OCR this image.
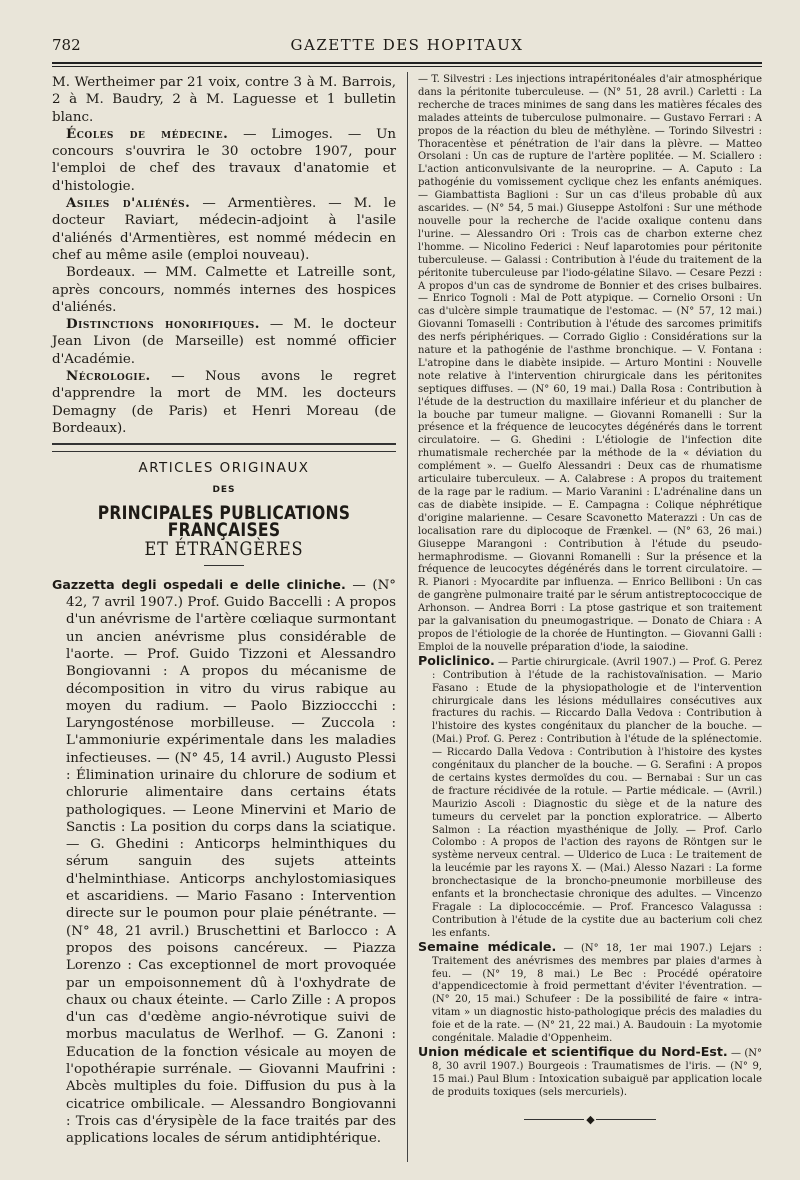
782	GAZETTE DES HOPITAUX

M. Wertheimer par 21 voix, contre 3 à M. Barrois, 2 à M. Baudry, 2 à M. Laguesse et 1 bulletin blanc.

Écoles de médecine. — Limoges. — Un concours s'ouvrira le 30 octobre 1907, pour l'emploi de chef des travaux d'anatomie et d'histologie.

Asiles d'aliénés. — Armentières. — M. le docteur Raviart, médecin-adjoint à l'asile d'aliénés d'Armentières, est nommé médecin en chef au même asile (emploi nouveau).

Bordeaux. — MM. Calmette et Latreille sont, après concours, nommés internes des hospices d'aliénés.

Distinctions honorifiques. — M. le docteur Jean Livon (de Marseille) est nommé officier d'Académie.

Nécrologie. — Nous avons le regret d'apprendre la mort de MM. les docteurs Demagny (de Paris) et Henri Moreau (de Bordeaux).

ARTICLES ORIGINAUX
DES
PRINCIPALES PUBLICATIONS FRANÇAISES
ET ÉTRANGÈRES

Gazzetta degli ospedali e delle cliniche. — (N° 42, 7 avril 1907.) Prof. Guido Baccelli : A propos d'un anévrisme de l'artère cœliaque surmontant un ancien anévrisme plus considérable de l'aorte. — Prof. Guido Tizzoni et Alessandro Bongiovanni : A propos du mécanisme de décomposition in vitro du virus rabique au moyen du radium. — Paolo Bizzioccchi : Laryngosténose morbilleuse. — Zuccola : L'ammoniurie expérimentale dans les maladies infectieuses. — (N° 45, 14 avril.) Augusto Plessi : Élimination urinaire du chlorure de sodium et chlorurie alimentaire dans certains états pathologiques. — Leone Minervini et Mario de Sanctis : La position du corps dans la sciatique. — G. Ghedini : Anticorps helminthiques du sérum sanguin des sujets atteints d'helminthiase. Anticorps anchylostomiasiques et ascaridiens. — Mario Fasano : Intervention directe sur le poumon pour plaie pénétrante. — (N° 48, 21 avril.) Bruschettini et Barlocco : A propos des poisons cancéreux. — Piazza Lorenzo : Cas exceptionnel de mort provoquée par un empoisonnement dû à l'oxhydrate de chaux ou chaux éteinte. — Carlo Zille : A propos d'un cas d'œdème angio-névrotique suivi de morbus maculatus de Werlhof. — G. Zanoni : Education de la fonction vésicale au moyen de l'opothérapie surrénale. — Giovanni Maufrini : Abcès multiples du foie. Diffusion du pus à la cicatrice ombilicale. — Alessandro Bongiovanni : Trois cas d'érysipèle de la face traités par des applications locales de sérum antidiphtérique.

— T. Silvestri : Les injections intrapéritonéales d'air atmosphérique dans la péritonite tuberculeuse. — (N° 51, 28 avril.) Carletti : La recherche de traces minimes de sang dans les matières fécales des malades atteints de tuberculose pulmonaire. — Gustavo Ferrari : A propos de la réaction du bleu de méthylène. — Torindo Silvestri : Thoracentèse et pénétration de l'air dans la plèvre. — Matteo Orsolani : Un cas de rupture de l'artère poplitée. — M. Sciallero : L'action anticonvulsivante de la neuroprine. — A. Caputo : La pathogénie du vomissement cyclique chez les enfants anémiques. — Giambattista Baglioni : Sur un cas d'ileus probable dû aux ascarides. — (N° 54, 5 mai.) Giuseppe Astolfoni : Sur une méthode nouvelle pour la recherche de l'acide oxalique contenu dans l'urine. — Alessandro Ori : Trois cas de charbon externe chez l'homme. — Nicolino Federici : Neuf laparotomies pour péritonite tuberculeuse. — Galassi : Contribution à l'éude du traitement de la péritonite tuberculeuse par l'iodo-gélatine Silavo. — Cesare Pezzi : A propos d'un cas de syndrome de Bonnier et des crises bulbaires. — Enrico Tognoli : Mal de Pott atypique. — Cornelio Orsoni : Un cas d'ulcère simple traumatique de l'estomac. — (N° 57, 12 mai.) Giovanni Tomaselli : Contribution à l'étude des sarcomes primitifs des nerfs périphériques. — Corrado Giglio : Considérations sur la nature et la pathogénie de l'asthme bronchique. — V. Fontana : L'atropine dans le diabète insipide. — Arturo Montini : Nouvelle note relative à l'intervention chirurgicale dans les péritonites septiques diffuses. — (N° 60, 19 mai.) Dalla Rosa : Contribution à l'étude de la destruction du maxillaire inférieur et du plancher de la bouche par tumeur maligne. — Giovanni Romanelli : Sur la présence et la fréquence de leucocytes dégénérés dans le torrent circulatoire. — G. Ghedini : L'étiologie de l'infection dite rhumatismale recherchée par la méthode de la « déviation du complément ». — Guelfo Alessandri : Deux cas de rhumatisme articulaire tuberculeux. — A. Calabrese : A propos du traitement de la rage par le radium. — Mario Varanini : L'adrénaline dans un cas de diabète insipide. — E. Campagna : Colique néphrétique d'origine malarienne. — Cesare Scavonetto Materazzi : Un cas de localisation rare du diplocoque de Frænkel. — (N° 63, 26 mai.) Giuseppe Marangoni : Contribution à l'étude du pseudo-hermaphrodisme. — Giovanni Romanelli : Sur la présence et la fréquence de leucocytes dégénérés dans le torrent circulatoire. — R. Pianori : Myocardite par influenza. — Enrico Belliboni : Un cas de gangrène pulmonaire traité par le sérum antistreptococcique de Arhonson. — Andrea Borri : La ptose gastrique et son traitement par la galvanisation du pneumogastrique. — Donato de Chiara : A propos de l'étiologie de la chorée de Huntington. — Giovanni Galli : Emploi de la nouvelle préparation d'iode, la saiodine.

Policlinico. — Partie chirurgicale. (Avril 1907.) — Prof. G. Perez : Contribution à l'étude de la rachistovaïnisation. — Mario Fasano : Etude de la physiopathologie et de l'intervention chirurgicale dans les lésions médullaires consécutives aux fractures du rachis. — Riccardo Dalla Vedova : Contribution à l'histoire des kystes congénitaux du plancher de la bouche. — (Mai.) Prof. G. Perez : Contribution à l'étude de la splénectomie. — Riccardo Dalla Vedova : Contribution à l'histoire des kystes congénitaux du plancher de la bouche. — G. Serafini : A propos de certains kystes dermoïdes du cou. — Bernabai : Sur un cas de fracture récidivée de la rotule. — Partie médicale. — (Avril.) Maurizio Ascoli : Diagnostic du siège et de la nature des tumeurs du cervelet par la ponction exploratrice. — Alberto Salmon : La réaction myasthénique de Jolly. — Prof. Carlo Colombo : A propos de l'action des rayons de Röntgen sur le système nerveux central. — Ulderico de Luca : Le traitement de la leucémie par les rayons X. — (Mai.) Alesso Nazari : La forme bronchectasique de la broncho-pneumonie morbilleuse des enfants et la bronchectasie chronique des adultes. — Vincenzo Fragale : La diplococcémie. — Prof. Francesco Valagussa : Contribution à l'étude de la cystite due au bacterium coli chez les enfants.

Semaine médicale. — (N° 18, 1er mai 1907.) Lejars : Traitement des anévrismes des membres par plaies d'armes à feu. — (N° 19, 8 mai.) Le Bec : Procédé opératoire d'appendicectomie à froid permettant d'éviter l'éventration. — (N° 20, 15 mai.) Schufeer : De la possibilité de faire « intra-vitam » un diagnostic histo-pathologique précis des maladies du foie et de la rate. — (N° 21, 22 mai.) A. Baudouin : La myotomie congénitale. Maladie d'Oppenheim.

Union médicale et scientifique du Nord-Est. — (N° 8, 30 avril 1907.) Bourgeois : Traumatismes de l'iris. — (N° 9, 15 mai.) Paul Blum : Intoxication subaiguë par application locale de produits toxiques (sels mercuriels).

◆
